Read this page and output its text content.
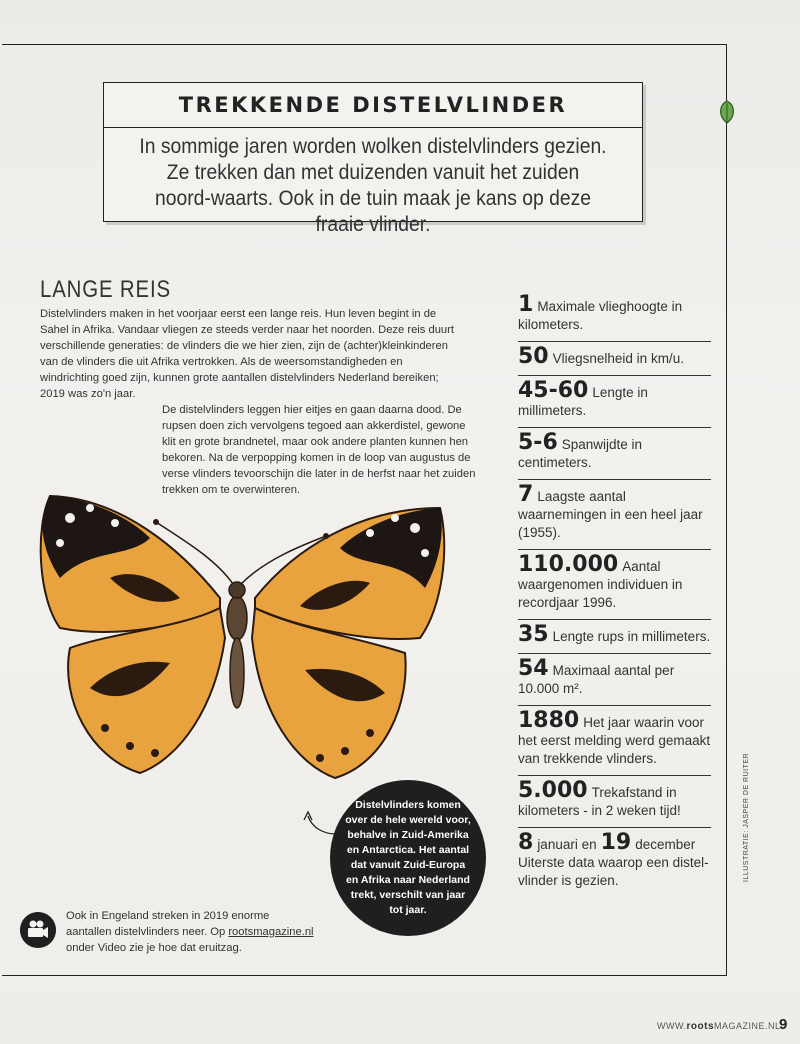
TREKKENDE DISTELVLINDER
In sommige jaren worden wolken distelvlinders gezien. Ze trekken dan met duizenden vanuit het zuiden noord-waarts. Ook in de tuin maak je kans op deze fraaie vlinder.
LANGE REIS
Distelvlinders maken in het voorjaar eerst een lange reis. Hun leven begint in de Sahel in Afrika. Vandaar vliegen ze steeds verder naar het noorden. Deze reis duurt verschillende generaties: de vlinders die we hier zien, zijn de (achter)kleinkinderen van de vlinders die uit Afrika vertrokken. Als de weersomstandigheden en windrichting goed zijn, kunnen grote aantallen distelvlinders Nederland bereiken; 2019 was zo'n jaar.
De distelvlinders leggen hier eitjes en gaan daarna dood. De rupsen doen zich vervolgens tegoed aan akkerdistel, gewone klit en grote brandnetel, maar ook andere planten kunnen hen bekoren. Na de verpopping komen in de loop van augustus de verse vlinders tevoorschijn die later in de herfst naar het zuiden trekken om te overwinteren.
1 Maximale vlieghoogte in kilometers.
50 Vliegsnelheid in km/u.
45-60 Lengte in millimeters.
5-6 Spanwijdte in centimeters.
7 Laagste aantal waarnemingen in een heel jaar (1955).
110.000 Aantal waargenomen individuen in recordjaar 1996.
35 Lengte rups in millimeters.
54 Maximaal aantal per 10.000 m².
1880 Het jaar waarin voor het eerst melding werd gemaakt van trekkende vlinders.
5.000 Trekafstand in kilometers - in 2 weken tijd!
8 januari en 19 december Uiterste data waarop een distel-vlinder is gezien.
Distelvlinders komen over de hele wereld voor, behalve in Zuid-Amerika en Antarctica. Het aantal dat vanuit Zuid-Europa en Afrika naar Nederland trekt, verschilt van jaar tot jaar.
Ook in Engeland streken in 2019 enorme aantallen distelvlinders neer. Op rootsmagazine.nl onder Video zie je hoe dat eruitzag.
ILLUSTRATIE: JASPER DE RUITER
WWW.rootsMAGAZINE.NL
9
